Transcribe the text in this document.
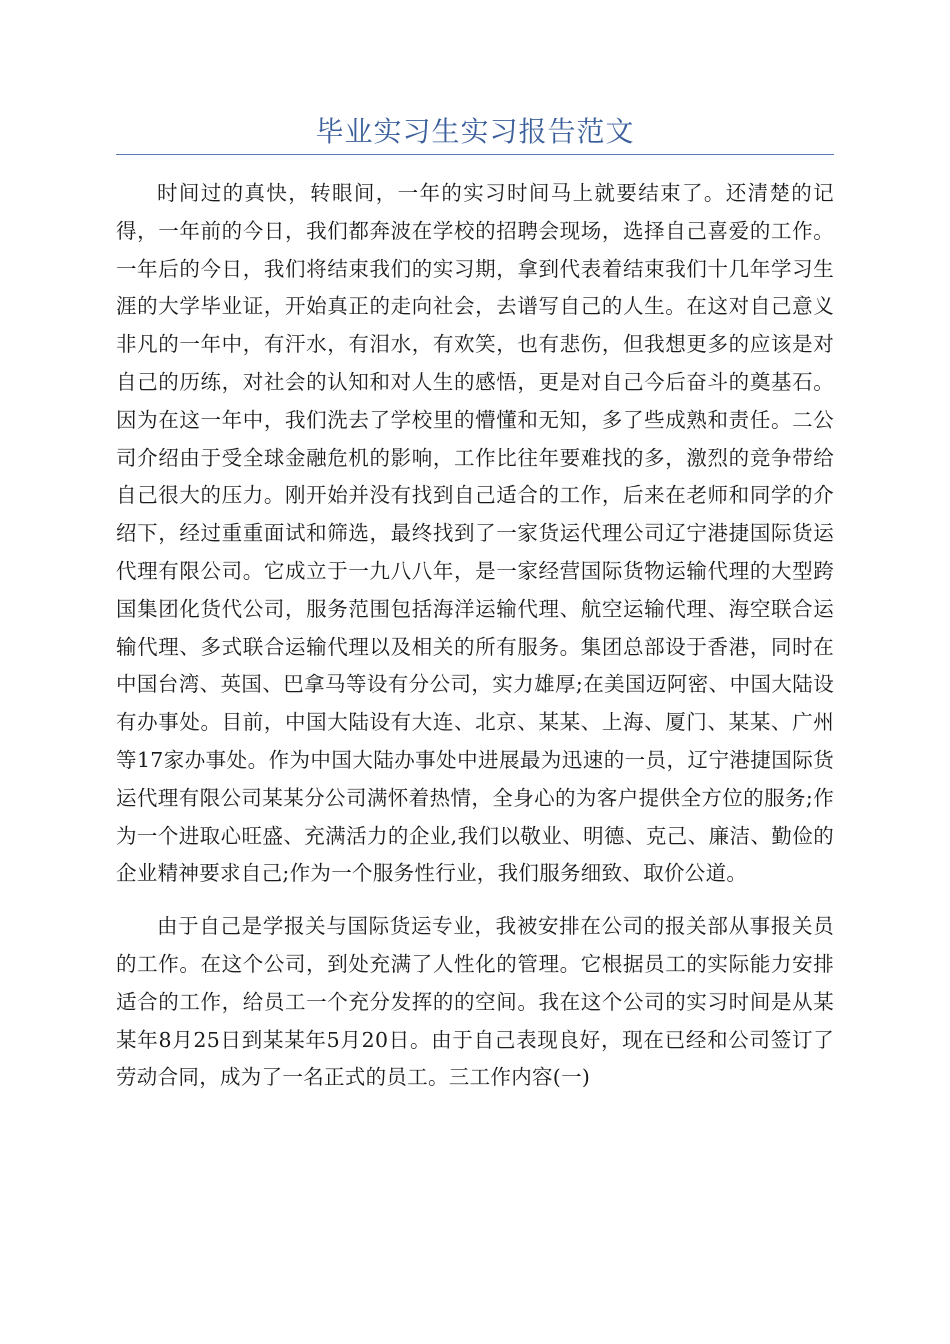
毕业实习生实习报告范文

时间过的真快，转眼间，一年的实习时间马上就要结束了。还清楚的记得，一年前的今日，我们都奔波在学校的招聘会现场，选择自己喜爱的工作。一年后的今日，我们将结束我们的实习期，拿到代表着结束我们十几年学习生涯的大学毕业证，开始真正的走向社会，去谱写自己的人生。在这对自己意义非凡的一年中，有汗水，有泪水，有欢笑，也有悲伤，但我想更多的应该是对自己的历练，对社会的认知和对人生的感悟，更是对自己今后奋斗的奠基石。因为在这一年中，我们洗去了学校里的懵懂和无知，多了些成熟和责任。二公司介绍由于受全球金融危机的影响，工作比往年要难找的多，激烈的竞争带给自己很大的压力。刚开始并没有找到自己适合的工作，后来在老师和同学的介绍下，经过重重面试和筛选，最终找到了一家货运代理公司辽宁港捷国际货运代理有限公司。它成立于一九八八年，是一家经营国际货物运输代理的大型跨国集团化货代公司，服务范围包括海洋运输代理、航空运输代理、海空联合运输代理、多式联合运输代理以及相关的所有服务。集团总部设于香港，同时在中国台湾、英国、巴拿马等设有分公司，实力雄厚;在美国迈阿密、中国大陆设有办事处。目前，中国大陆设有大连、北京、某某、上海、厦门、某某、广州等17家办事处。作为中国大陆办事处中进展最为迅速的一员，辽宁港捷国际货运代理有限公司某某分公司满怀着热情，全身心的为客户提供全方位的服务;作为一个进取心旺盛、充满活力的企业,我们以敬业、明德、克己、廉洁、勤俭的企业精神要求自己;作为一个服务性行业，我们服务细致、取价公道。

由于自己是学报关与国际货运专业，我被安排在公司的报关部从事报关员的工作。在这个公司，到处充满了人性化的管理。它根据员工的实际能力安排适合的工作，给员工一个充分发挥的的空间。我在这个公司的实习时间是从某某年8月25日到某某年5月20日。由于自己表现良好，现在已经和公司签订了劳动合同，成为了一名正式的员工。三工作内容(一)
